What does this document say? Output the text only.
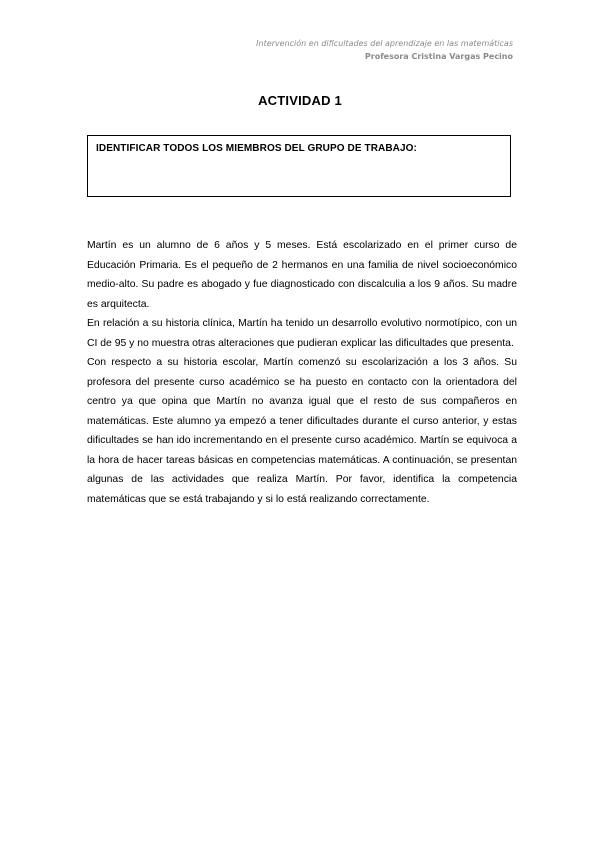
Intervención en dificultades del aprendizaje en las matemáticas
Profesora Cristina Vargas Pecino
ACTIVIDAD 1
IDENTIFICAR TODOS LOS MIEMBROS DEL GRUPO DE TRABAJO:

Martín es un alumno de 6 años y 5 meses. Está escolarizado en el primer curso de Educación Primaria. Es el pequeño de 2 hermanos en una familia de nivel socioeconómico medio-alto. Su padre es abogado y fue diagnosticado con discalculia a los 9 años. Su madre es arquitecta.

En relación a su historia clínica, Martín ha tenido un desarrollo evolutivo normotípico, con un CI de 95 y no muestra otras alteraciones que pudieran explicar las dificultades que presenta.

Con respecto a su historia escolar, Martín comenzó su escolarización a los 3 años. Su profesora del presente curso académico se ha puesto en contacto con la orientadora del centro ya que opina que Martín no avanza igual que el resto de sus compañeros en matemáticas. Este alumno ya empezó a tener dificultades durante el curso anterior, y estas dificultades se han ido incrementando en el presente curso académico. Martín se equivoca a la hora de hacer tareas básicas en competencias matemáticas. A continuación, se presentan algunas de las actividades que realiza Martín. Por favor, identifica la competencia matemáticas que se está trabajando y si lo está realizando correctamente.
